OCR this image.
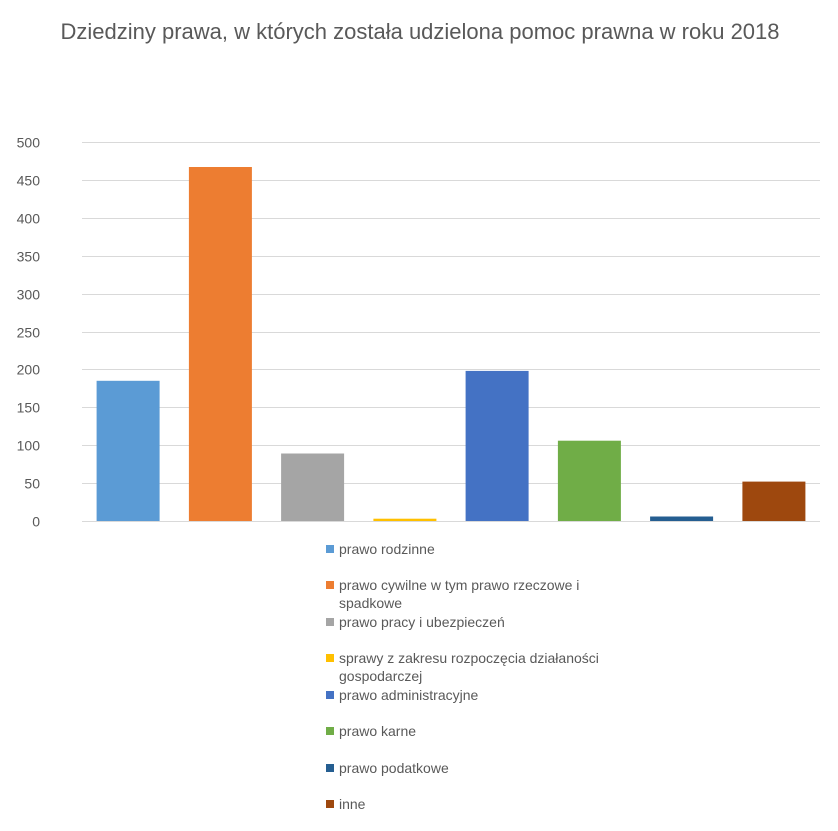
Dziedziny prawa, w których została udzielona pomoc prawna w roku 2018
0
50
100
150
200
250
300
350
400
450
500
prawo rodzinne
prawo cywilne w tym prawo rzeczowe i spadkowe
prawo pracy i ubezpieczeń
sprawy z zakresu rozpoczęcia działaności gospodarczej
prawo administracyjne
prawo karne
prawo podatkowe
inne
